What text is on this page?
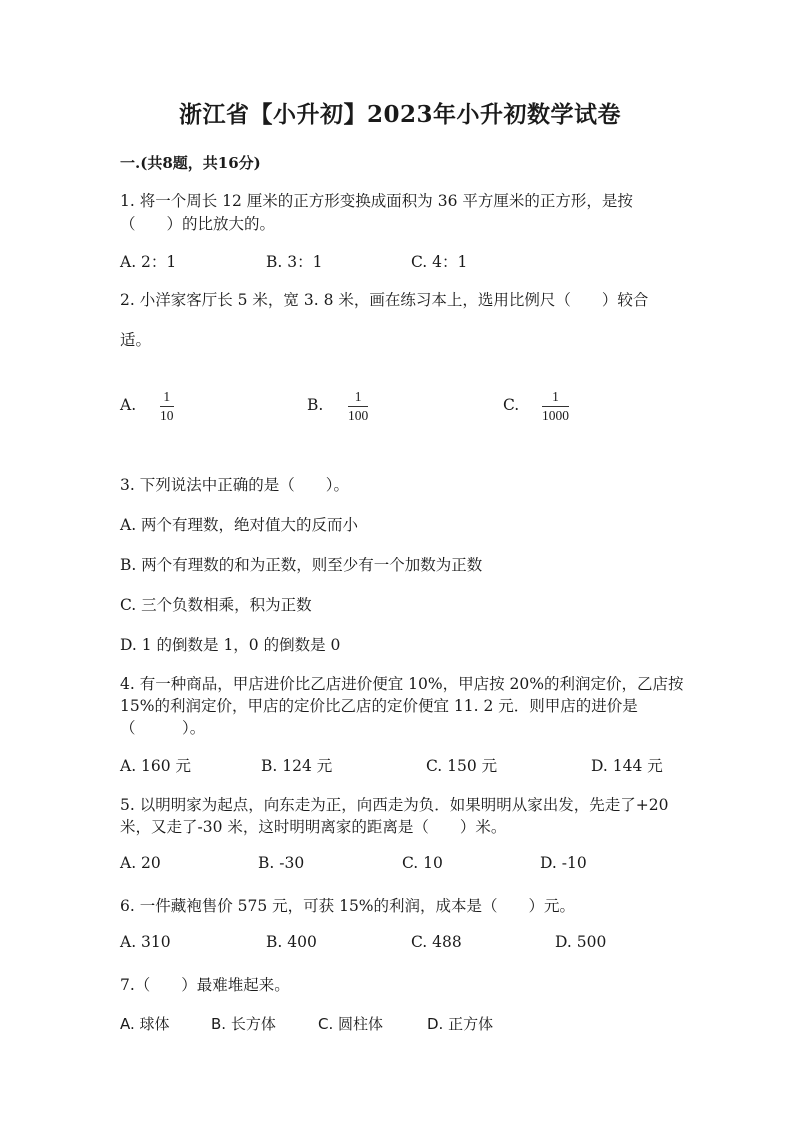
浙江省【小升初】2023年小升初数学试卷
一.(共8题，共16分)
1. 将一个周长 12 厘米的正方形变换成面积为 36 平方厘米的正方形，是按
（　　）的比放大的。
A. 2：1	B. 3：1	C. 4：1
2. 小洋家客厅长 5 米，宽 3. 8 米，画在练习本上，选用比例尺（　　）较合
适。
A. 1
10
B. 1
100
C. 1
1000
3. 下列说法中正确的是（　　）。
A. 两个有理数，绝对值大的反而小
B. 两个有理数的和为正数，则至少有一个加数为正数
C. 三个负数相乘，积为正数
D. 1 的倒数是 1，0 的倒数是 0
4. 有一种商品，甲店进价比乙店进价便宜 10%，甲店按 20%的利润定价，乙店按
15%的利润定价，甲店的定价比乙店的定价便宜 11. 2 元．则甲店的进价是
（　　　）。
A. 160 元	B. 124 元	C. 150 元	D. 144 元
5. 以明明家为起点，向东走为正，向西走为负．如果明明从家出发，先走了+20
米，又走了-30 米，这时明明离家的距离是（　　）米。
A. 20	B. -30	C. 10	D. -10
6. 一件藏袍售价 575 元，可获 15%的利润，成本是（　　）元。
A. 310	B. 400	C. 488	D. 500
7.（　　）最难堆起来。
A. 球体	B. 长方体	C. 圆柱体	D. 正方体
